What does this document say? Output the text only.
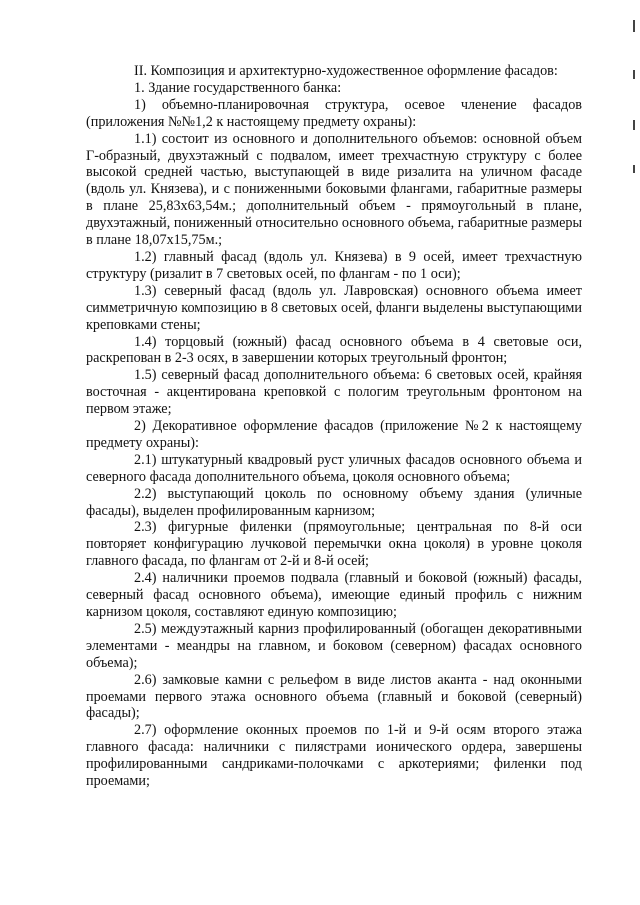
II. Композиция и архитектурно-художественное оформление фасадов:

1. Здание государственного банка:

1) объемно-планировочная структура, осевое членение фасадов (приложения №№1,2 к настоящему предмету охраны):

1.1) состоит из основного и дополнительного объемов: основной объем Г-образный, двухэтажный с подвалом, имеет трехчастную структуру с более высокой средней частью, выступающей в виде ризалита на уличном фасаде (вдоль ул. Князева), и с пониженными боковыми флангами, габаритные размеры в плане 25,83х63,54м.; дополнительный объем - прямоугольный в плане, двухэтажный, пониженный относительно основного объема, габаритные размеры в плане 18,07х15,75м.;

1.2) главный фасад (вдоль ул. Князева) в 9 осей, имеет трехчастную структуру (ризалит в 7 световых осей, по флангам - по 1 оси);

1.3) северный фасад (вдоль ул. Лавровская) основного объема имеет симметричную композицию в 8 световых осей, фланги выделены выступающими креповками стены;

1.4) торцовый (южный) фасад основного объема в 4 световые оси, раскрепован в 2-3 осях, в завершении которых треугольный фронтон;

1.5) северный фасад дополнительного объема: 6 световых осей, крайняя восточная - акцентирована креповкой с пологим треугольным фронтоном на первом этаже;

2) Декоративное оформление фасадов (приложение №2 к настоящему предмету охраны):

2.1) штукатурный квадровый руст уличных фасадов основного объема и северного фасада дополнительного объема, цоколя основного объема;

2.2) выступающий цоколь по основному объему здания (уличные фасады), выделен профилированным карнизом;

2.3) фигурные филенки (прямоугольные; центральная по 8-й оси повторяет конфигурацию лучковой перемычки окна цоколя) в уровне цоколя главного фасада, по флангам от 2-й и 8-й осей;

2.4) наличники проемов подвала (главный и боковой (южный) фасады, северный фасад основного объема), имеющие единый профиль с нижним карнизом цоколя, составляют единую композицию;

2.5) междуэтажный карниз профилированный (обогащен декоративными элементами - меандры на главном, и боковом (северном) фасадах основного объема);

2.6) замковые камни с рельефом в виде листов аканта - над оконными проемами первого этажа основного объема (главный и боковой (северный) фасады);

2.7) оформление оконных проемов по 1-й и 9-й осям второго этажа главного фасада: наличники с пилястрами ионического ордера, завершены профилированными сандриками-полочками с аркотериями; филенки под проемами;
